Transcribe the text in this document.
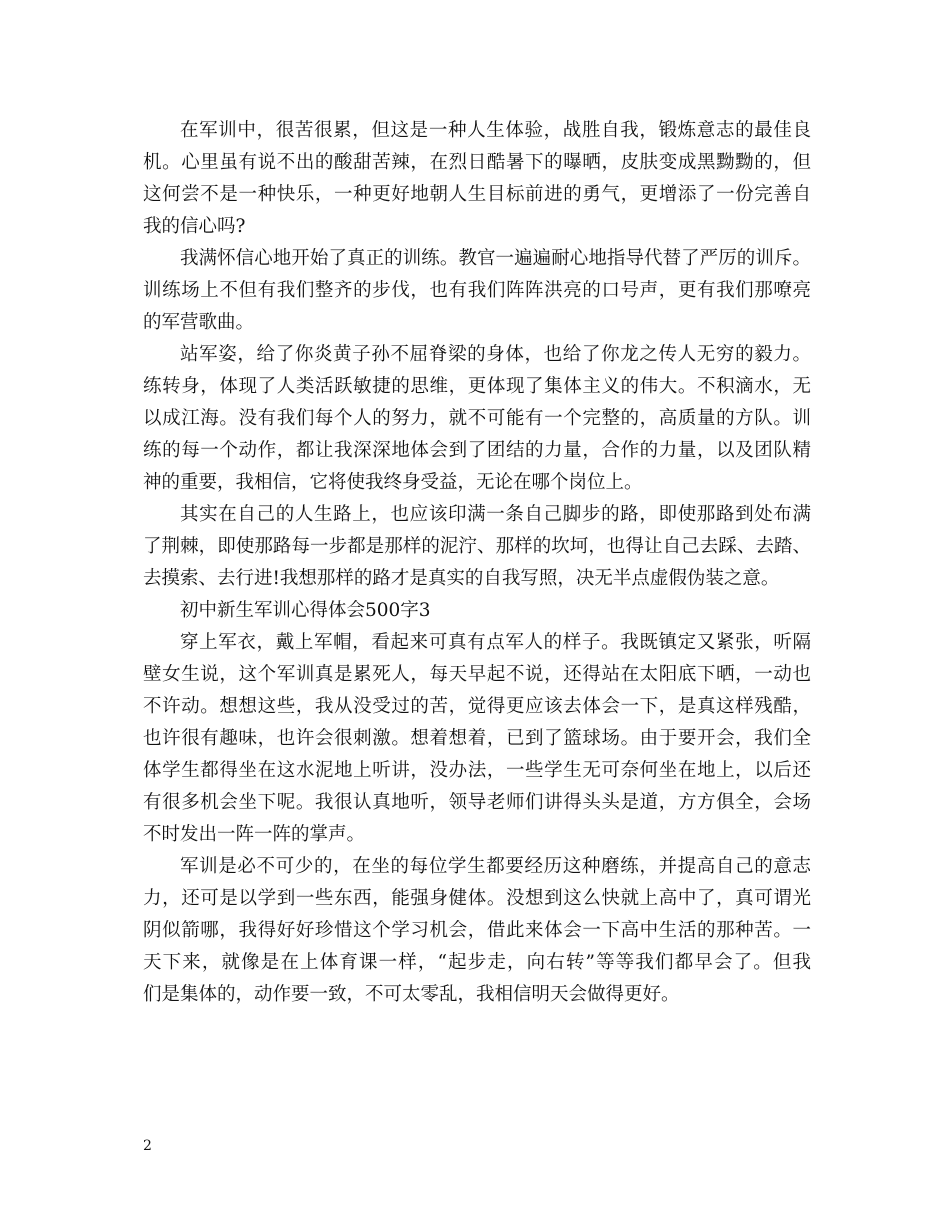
在军训中，很苦很累，但这是一种人生体验，战胜自我，锻炼意志的最佳良
机。心里虽有说不出的酸甜苦辣，在烈日酷暑下的曝晒，皮肤变成黑黝黝的，但
这何尝不是一种快乐，一种更好地朝人生目标前进的勇气，更增添了一份完善自
我的信心吗?
我满怀信心地开始了真正的训练。教官一遍遍耐心地指导代替了严厉的训斥。
训练场上不但有我们整齐的步伐，也有我们阵阵洪亮的口号声，更有我们那嘹亮
的军营歌曲。
站军姿，给了你炎黄子孙不屈脊梁的身体，也给了你龙之传人无穷的毅力。
练转身，体现了人类活跃敏捷的思维，更体现了集体主义的伟大。不积滴水，无
以成江海。没有我们每个人的努力，就不可能有一个完整的，高质量的方队。训
练的每一个动作，都让我深深地体会到了团结的力量，合作的力量，以及团队精
神的重要，我相信，它将使我终身受益，无论在哪个岗位上。
其实在自己的人生路上，也应该印满一条自己脚步的路，即使那路到处布满
了荆棘，即使那路每一步都是那样的泥泞、那样的坎坷，也得让自己去踩、去踏、
去摸索、去行进!我想那样的路才是真实的自我写照，决无半点虚假伪装之意。
初中新生军训心得体会500字3
穿上军衣，戴上军帽，看起来可真有点军人的样子。我既镇定又紧张，听隔
壁女生说，这个军训真是累死人，每天早起不说，还得站在太阳底下晒，一动也
不许动。想想这些，我从没受过的苦，觉得更应该去体会一下，是真这样残酷，
也许很有趣味，也许会很刺激。想着想着，已到了篮球场。由于要开会，我们全
体学生都得坐在这水泥地上听讲，没办法，一些学生无可奈何坐在地上，以后还
有很多机会坐下呢。我很认真地听，领导老师们讲得头头是道，方方俱全，会场
不时发出一阵一阵的掌声。
军训是必不可少的，在坐的每位学生都要经历这种磨练，并提高自己的意志
力，还可是以学到一些东西，能强身健体。没想到这么快就上高中了，真可谓光
阴似箭哪，我得好好珍惜这个学习机会，借此来体会一下高中生活的那种苦。一
天下来，就像是在上体育课一样，“起步走，向右转”等等我们都早会了。但我
们是集体的，动作要一致，不可太零乱，我相信明天会做得更好。
2
